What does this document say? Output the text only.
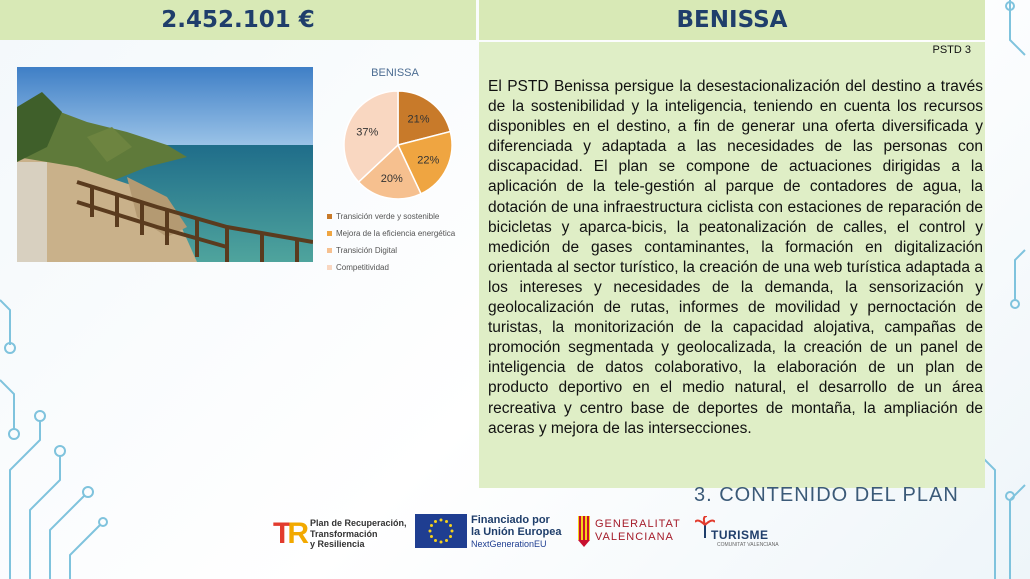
2.452.101 €	BENISSA
PSTD 3

El PSTD Benissa persigue la desestacionalización del destino a través de la sostenibilidad y la inteligencia, teniendo en cuenta los recursos disponibles en el destino, a fin de generar una oferta diversificada y diferenciada y adaptada a las necesidades de las personas con discapacidad. El plan se compone de actuaciones dirigidas a la aplicación de la tele-gestión al parque de contadores de agua, la dotación de una infraestructura ciclista con estaciones de reparación de bicicletas y aparca-bicis, la peatonalización de calles, el control y medición de gases contaminantes, la formación en digitalización orientada al sector turístico, la creación de una web turística adaptada a los intereses y necesidades de la demanda, la sensorización y geolocalización de rutas, informes de movilidad y pernoctación de turistas, la monitorización de la capacidad alojativa, campañas de promoción segmentada y geolocalizada, la creación de un panel de inteligencia de datos colaborativo, la elaboración de un plan de producto deportivo en el medio natural, el desarrollo de un área recreativa y centro base de deportes de montaña, la ampliación de aceras y mejora de las intersecciones.

BENISSA
21%
22%
20%
37%
Transición verde y sostenible
Mejora de la eficiencia energética
Transición Digital
Competitividad
3. CONTENIDO DEL PLAN
TR Plan de Recuperación,
Transformación
y Resiliencia
Financiado por
la Unión Europea
NextGenerationEU
GENERALITAT
VALENCIANA	TURISME
COMUNITAT VALENCIANA
